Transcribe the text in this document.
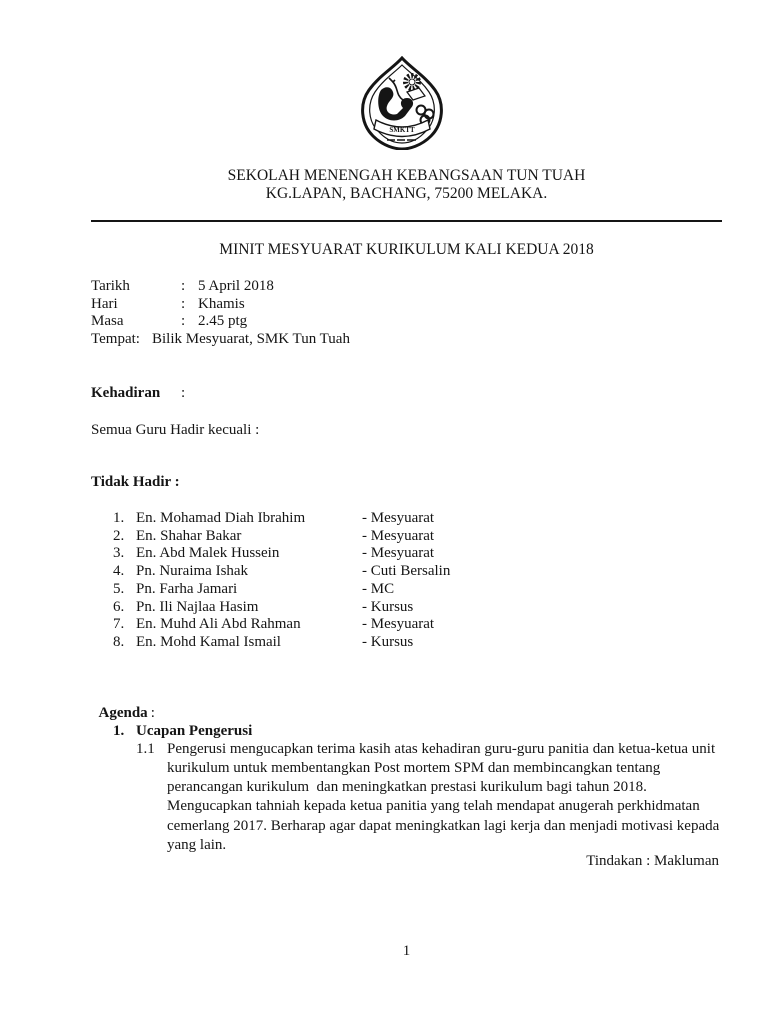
SMKTT
SEKOLAH MENENGAH KEBANGSAAN TUN TUAH
KG.LAPAN, BACHANG, 75200 MELAKA.
MINIT MESYUARAT KURIKULUM KALI KEDUA 2018
Tarikh	: 5 April 2018
Hari	: Khamis
Masa	: 2.45 ptg
Tempat: Bilik Mesyuarat, SMK Tun Tuah
Kehadiran :
Semua Guru Hadir kecuali :
Tidak Hadir :
1. En. Mohamad Diah Ibrahim	- Mesyuarat
2. En. Shahar Bakar	- Mesyuarat
3. En. Abd Malek Hussein	- Mesyuarat
4. Pn. Nuraima Ishak	- Cuti Bersalin
5. Pn. Farha Jamari	- MC
6. Pn. Ili Najlaa Hasim	- Kursus
7. En. Muhd Ali Abd Rahman	- Mesyuarat
8. En. Mohd Kamal Ismail	- Kursus

Agenda :

1. Ucapan Pengerusi
1.1 Pengerusi mengucapkan terima kasih atas kehadiran guru-guru panitia dan ketua-ketua unit
kurikulum untuk membentangkan Post mortem SPM dan membincangkan tentang
perancangan kurikulum  dan meningkatkan prestasi kurikulum bagi tahun 2018.
Mengucapkan tahniah kepada ketua panitia yang telah mendapat anugerah perkhidmatan
cemerlang 2017. Berharap agar dapat meningkatkan lagi kerja dan menjadi motivasi kepada
yang lain.
Tindakan : Makluman
1
